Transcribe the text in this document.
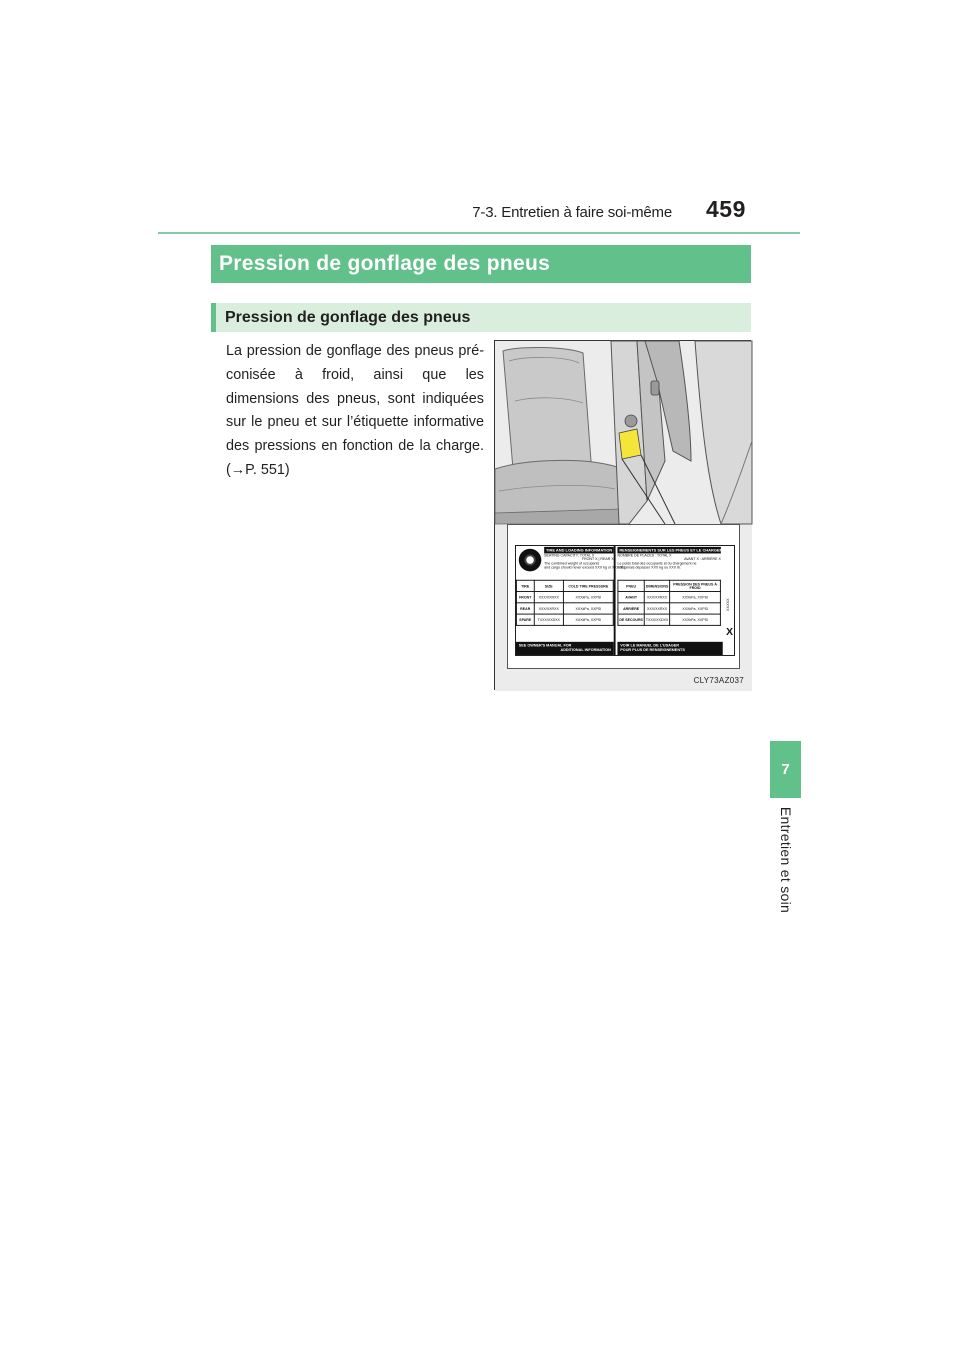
7-3. Entretien à faire soi-même 459
7
Entretien et soin
Pression de gonflage des pneus
Pression de gonflage des pneus

La pression de gonflage des pneus préconisée à froid, ainsi que les dimensions des pneus, sont indiquées sur le pneu et sur l’étiquette informative des pressions en fonction de la charge. (→P. 551)

TIRE AND LOADING INFORMATION
SEATING CAPACITY: TOTAL X
FRONT X | REAR X
The combined weight of occupants
and cargo should never exceed XXX kg or XXX lbs.
TIRE	SIZE	COLD TIRE PRESSURE
FRONT	XXX/XXRXX	XXXkPa, XXPSI
REAR	XXX/XXRXX	XXXkPa, XXPSI
SPARE	TXXX/XXDXX	XXXkPa, XXPSI
SEE OWNER'S MANUAL FOR
ADDITIONAL INFORMATION
RENSEIGNEMENTS SUR LES PNEUS ET LE CHARGEMENT
NOMBRE DE PLACES : TOTAL X
AVANT X : ARRIÈRE X
Le poids total des occupants et du chargement ne
doit jamais dépasser XXX kg ou XXX lb.
PNEU	DIMENSIONS	PRESSION DES PNEUS À FROID
AVANT	XXX/XXRXX	XXXkPa, XXPSI
ARRIÈRE	XXX/XXRXX	XXXkPa, XXPSI
DE SECOURS	TXXX/XXDXX	XXXkPa, XXPSI
VOIR LE MANUEL DE L'USAGER
POUR PLUS DE RENSEIGNEMENTS
XXXXX
X
CLY73AZ037
